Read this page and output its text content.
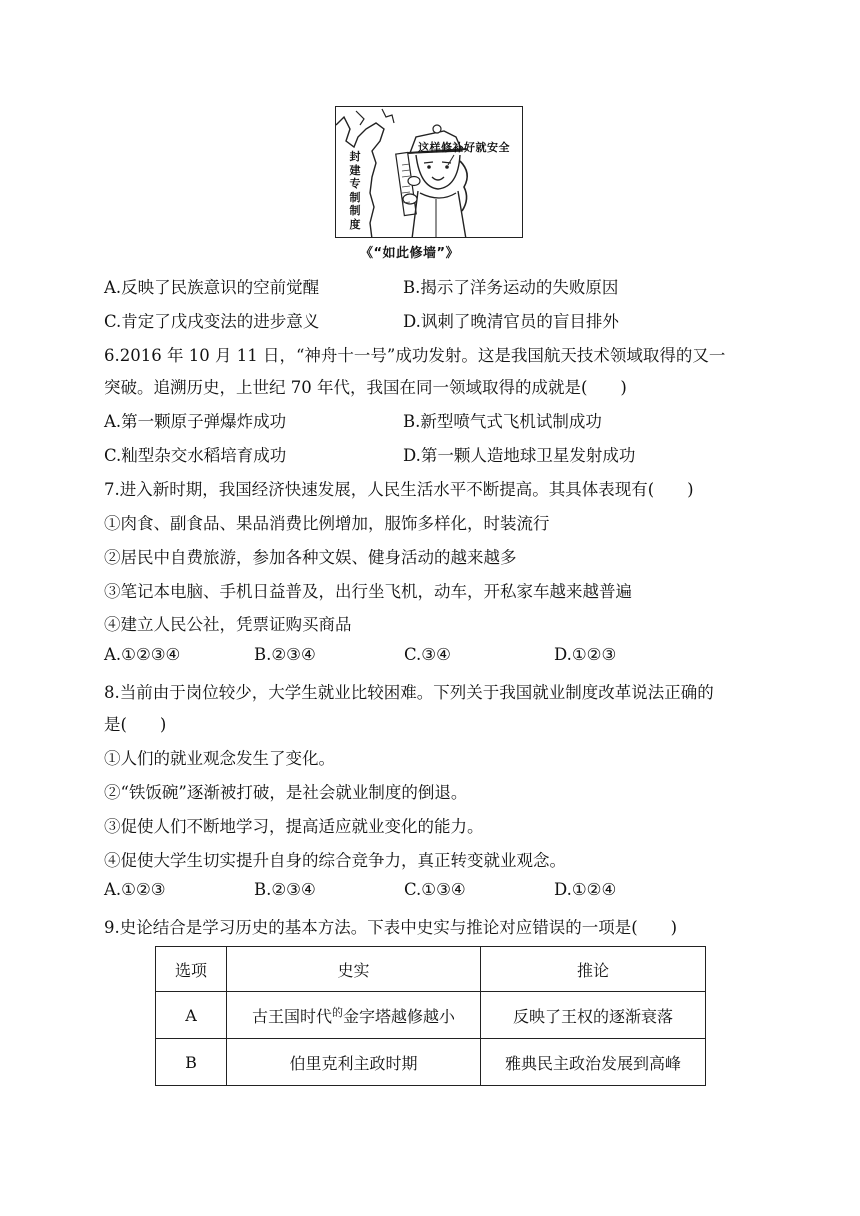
这样修补好就安全
封建专制制度
《“如此修墙”》
A.反映了民族意识的空前觉醒	B.揭示了洋务运动的失败原因
C.肯定了戊戌变法的进步意义	D.讽刺了晚清官员的盲目排外
6.2016 年 10 月 11 日，“神舟十一号”成功发射。这是我国航天技术领域取得的又一
突破。追溯历史，上世纪 70 年代，我国在同一领域取得的成就是(　　)
A.第一颗原子弹爆炸成功	B.新型喷气式飞机试制成功
C.籼型杂交水稻培育成功	D.第一颗人造地球卫星发射成功
7.进入新时期，我国经济快速发展，人民生活水平不断提高。其具体表现有(　　)
①肉食、副食品、果品消费比例增加，服饰多样化，时装流行
②居民中自费旅游，参加各种文娱、健身活动的越来越多
③笔记本电脑、手机日益普及，出行坐飞机，动车，开私家车越来越普遍
④建立人民公社，凭票证购买商品
A.①②③④	B.②③④	C.③④	D.①②③
8.当前由于岗位较少，大学生就业比较困难。下列关于我国就业制度改革说法正确的
是(　　)
①人们的就业观念发生了变化。
②“铁饭碗”逐渐被打破，是社会就业制度的倒退。
③促使人们不断地学习，提高适应就业变化的能力。
④促使大学生切实提升自身的综合竞争力，真正转变就业观念。
A.①②③	B.②③④	C.①③④	D.①②④
9.史论结合是学习历史的基本方法。下表中史实与推论对应错误的一项是(　　)
选项	史实	推论
A	古王国时代$^的$金字塔越修越小	反映了王权的逐渐衰落
B	伯里克利主政时期	雅典民主政治发展到高峰
